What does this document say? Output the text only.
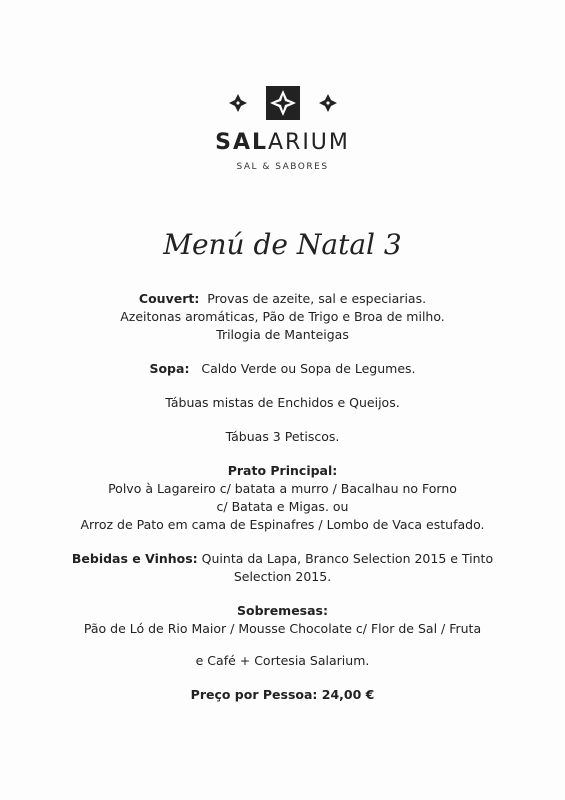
SALARIUM
SAL & SABORES
Menú de Natal 3

Couvert: Provas de azeite, sal e especiarias.

Azeitonas aromáticas, Pão de Trigo e Broa de milho.

Trilogia de Manteigas

Sopa: Caldo Verde ou Sopa de Legumes.

Tábuas mistas de Enchidos e Queijos.

Tábuas 3 Petiscos.

Prato Principal:

Polvo à Lagareiro c/ batata a murro / Bacalhau no Forno

c/ Batata e Migas. ou

Arroz de Pato em cama de Espinafres / Lombo de Vaca estufado.

Bebidas e Vinhos: Quinta da Lapa, Branco Selection 2015 e Tinto

Selection 2015.

Sobremesas:

Pão de Ló de Rio Maior / Mousse Chocolate c/ Flor de Sal / Fruta

e Café + Cortesia Salarium.

Preço por Pessoa: 24,00 €
